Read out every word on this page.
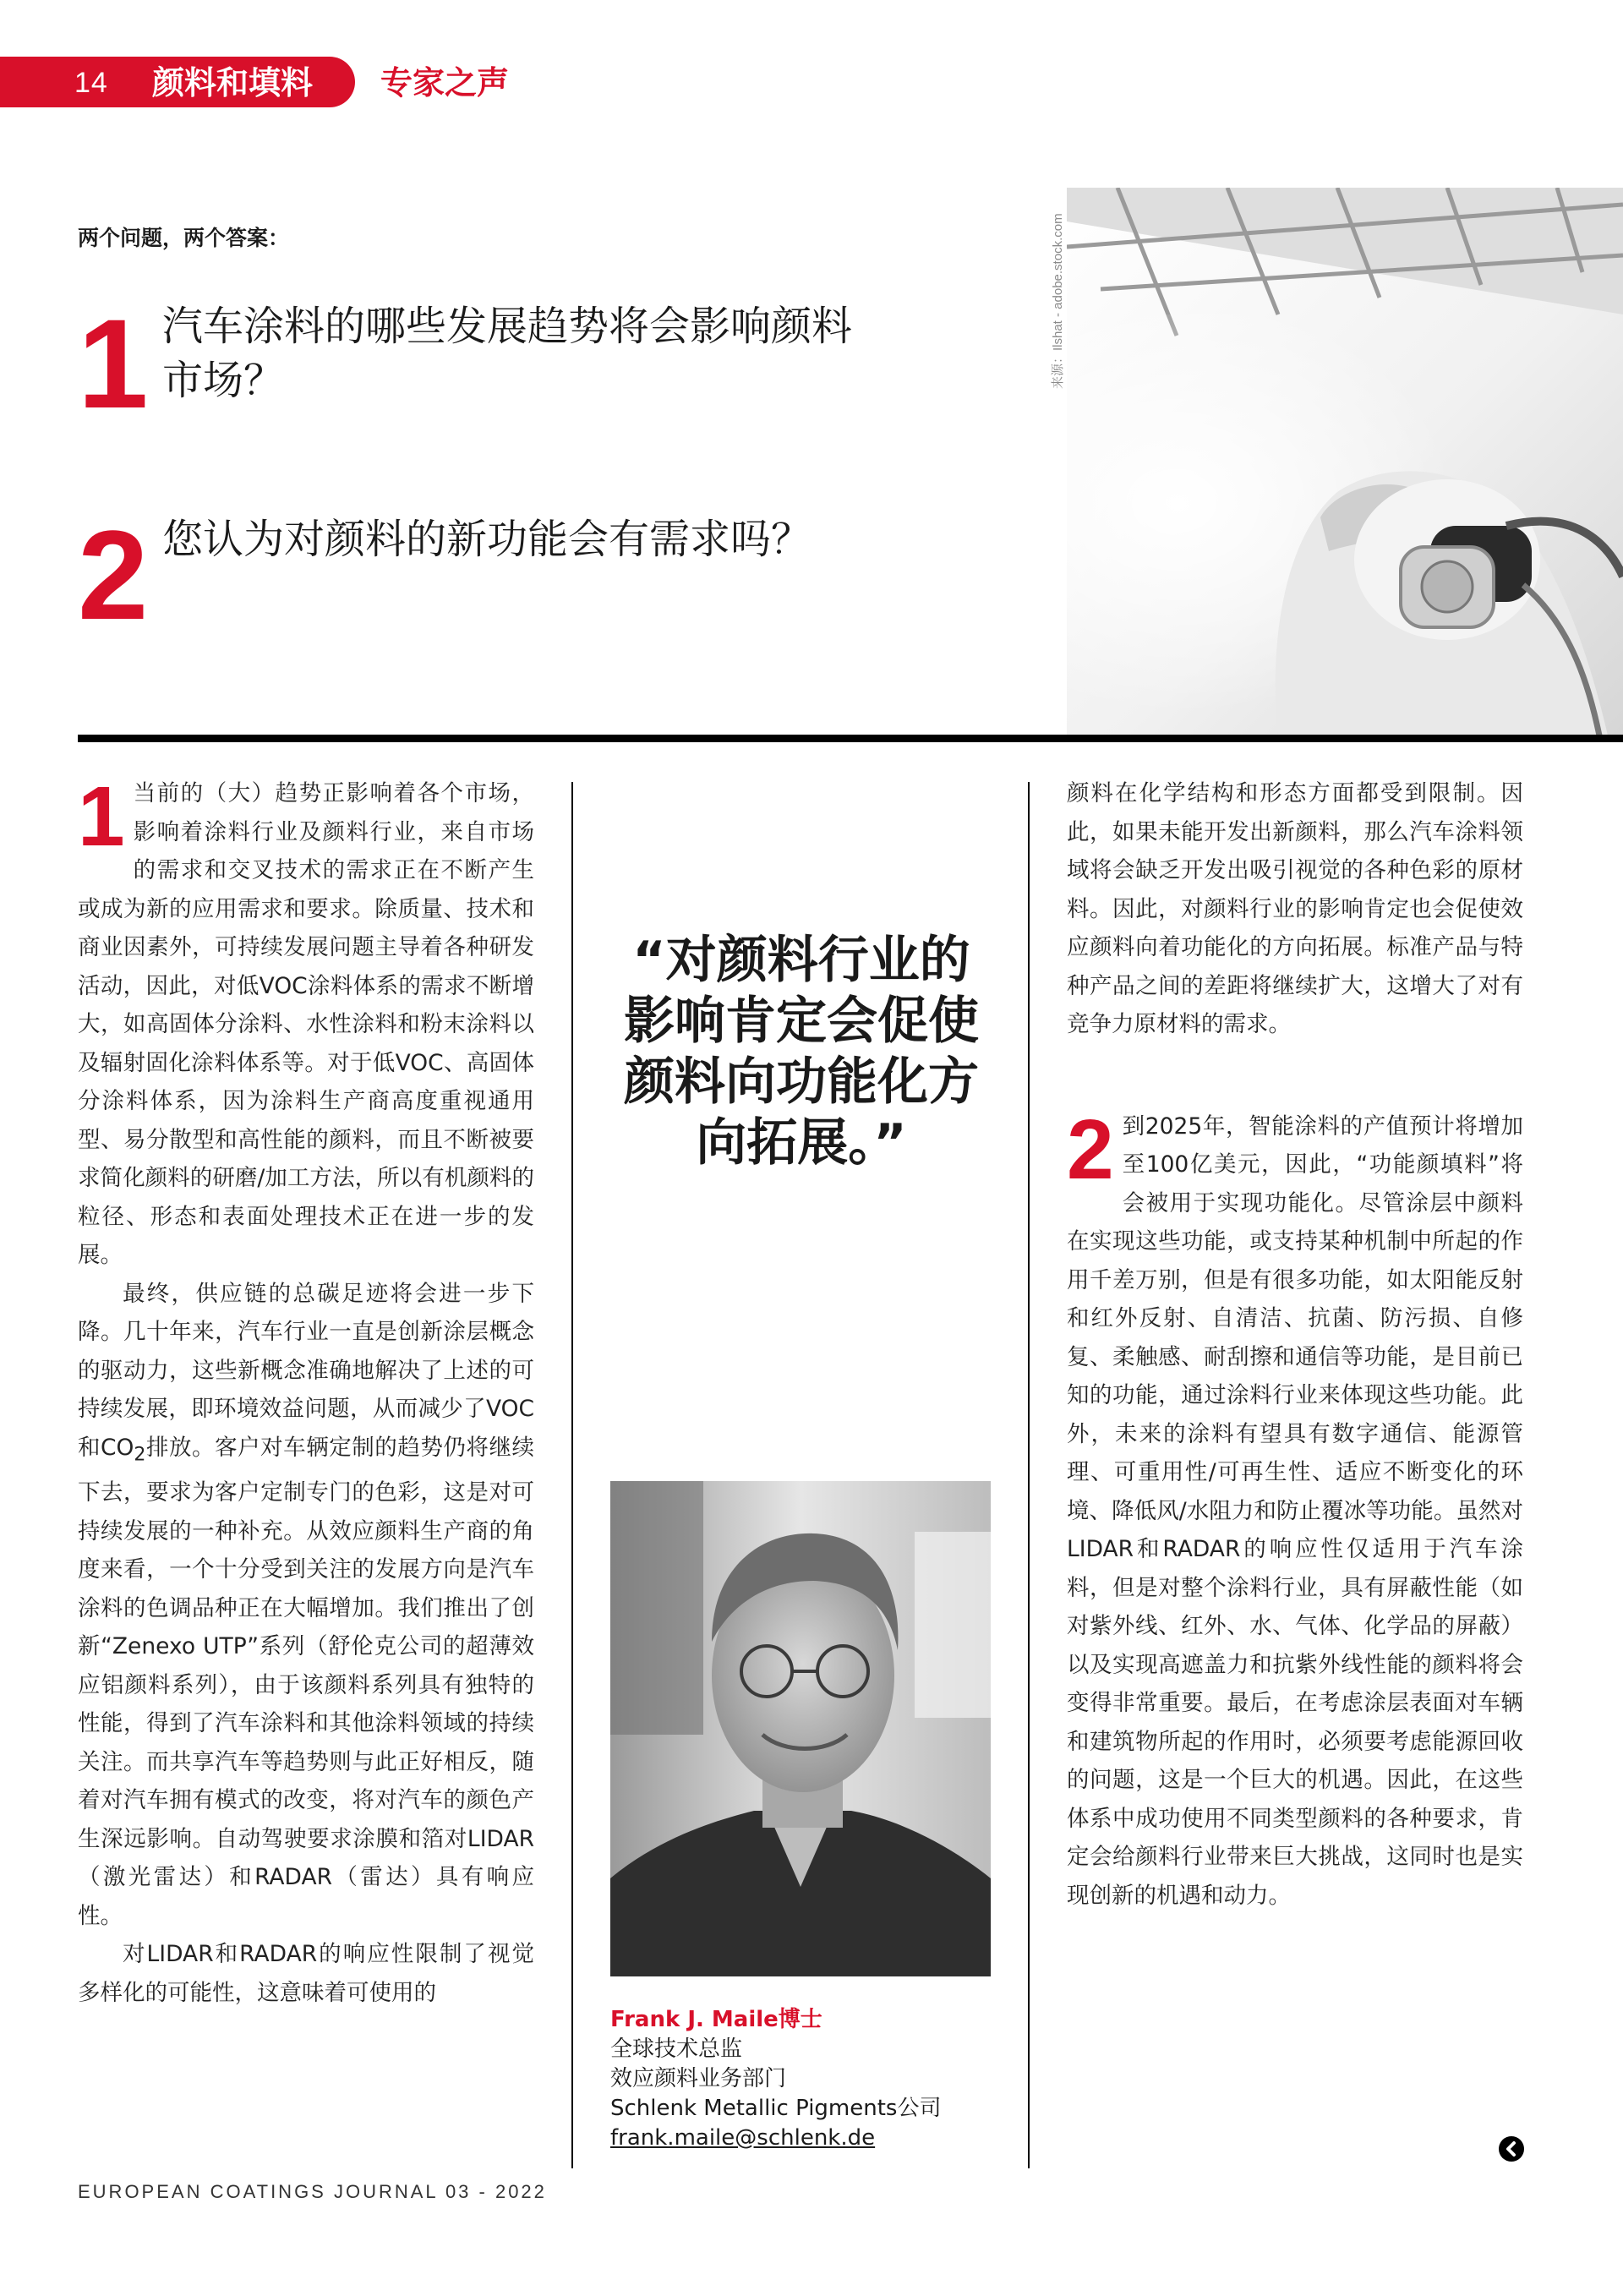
14 颜料和填料 专家之声
两个问题，两个答案：
1 汽车涂料的哪些发展趋势将会影响颜料市场？
2 您认为对颜料的新功能会有需求吗？
来源：Ilshat - adobe.stock.com

1 当前的（大）趋势正影响着各个市场，影响着涂料行业及颜料行业，来自市场的需求和交叉技术的需求正在不断产生或成为新的应用需求和要求。除质量、技术和商业因素外，可持续发展问题主导着各种研发活动，因此，对低VOC涂料体系的需求不断增大，如高固体分涂料、水性涂料和粉末涂料以及辐射固化涂料体系等。对于低VOC、高固体分涂料体系，因为涂料生产商高度重视通用型、易分散型和高性能的颜料，而且不断被要求简化颜料的研磨/加工方法，所以有机颜料的粒径、形态和表面处理技术正在进一步的发展。

最终，供应链的总碳足迹将会进一步下降。几十年来，汽车行业一直是创新涂层概念的驱动力，这些新概念准确地解决了上述的可持续发展，即环境效益问题，从而减少了VOC和$CO_2$排放。客户对车辆定制的趋势仍将继续下去，要求为客户定制专门的色彩，这是对可持续发展的一种补充。从效应颜料生产商的角度来看，一个十分受到关注的发展方向是汽车涂料的色调品种正在大幅增加。我们推出了创新“Zenexo UTP”系列（舒伦克公司的超薄效应铝颜料系列），由于该颜料系列具有独特的性能，得到了汽车涂料和其他涂料领域的持续关注。而共享汽车等趋势则与此正好相反，随着对汽车拥有模式的改变，将对汽车的颜色产生深远影响。自动驾驶要求涂膜和箔对LIDAR（激光雷达）和RADAR（雷达）具有响应性。

对LIDAR和RADAR的响应性限制了视觉多样化的可能性，这意味着可使用的

“对颜料行业的影响肯定会促使颜料向功能化方向拓展。”
Frank J. Maile博士
全球技术总监
效应颜料业务部门
Schlenk Metallic Pigments公司
frank.maile@schlenk.de

颜料在化学结构和形态方面都受到限制。因此，如果未能开发出新颜料，那么汽车涂料领域将会缺乏开发出吸引视觉的各种色彩的原材料。因此，对颜料行业的影响肯定也会促使效应颜料向着功能化的方向拓展。标准产品与特种产品之间的差距将继续扩大，这增大了对有竞争力原材料的需求。

2 到2025年，智能涂料的产值预计将增加至100亿美元，因此，“功能颜填料”将会被用于实现功能化。尽管涂层中颜料在实现这些功能，或支持某种机制中所起的作用千差万别，但是有很多功能，如太阳能反射和红外反射、自清洁、抗菌、防污损、自修复、柔触感、耐刮擦和通信等功能，是目前已知的功能，通过涂料行业来体现这些功能。此外，未来的涂料有望具有数字通信、能源管理、可重用性/可再生性、适应不断变化的环境、降低风/水阻力和防止覆冰等功能。虽然对LIDAR和RADAR的响应性仅适用于汽车涂料，但是对整个涂料行业，具有屏蔽性能（如对紫外线、红外、水、气体、化学品的屏蔽）以及实现高遮盖力和抗紫外线性能的颜料将会变得非常重要。最后，在考虑涂层表面对车辆和建筑物所起的作用时，必须要考虑能源回收的问题，这是一个巨大的机遇。因此，在这些体系中成功使用不同类型颜料的各种要求，肯定会给颜料行业带来巨大挑战，这同时也是实现创新的机遇和动力。

EUROPEAN COATINGS JOURNAL 03 - 2022
